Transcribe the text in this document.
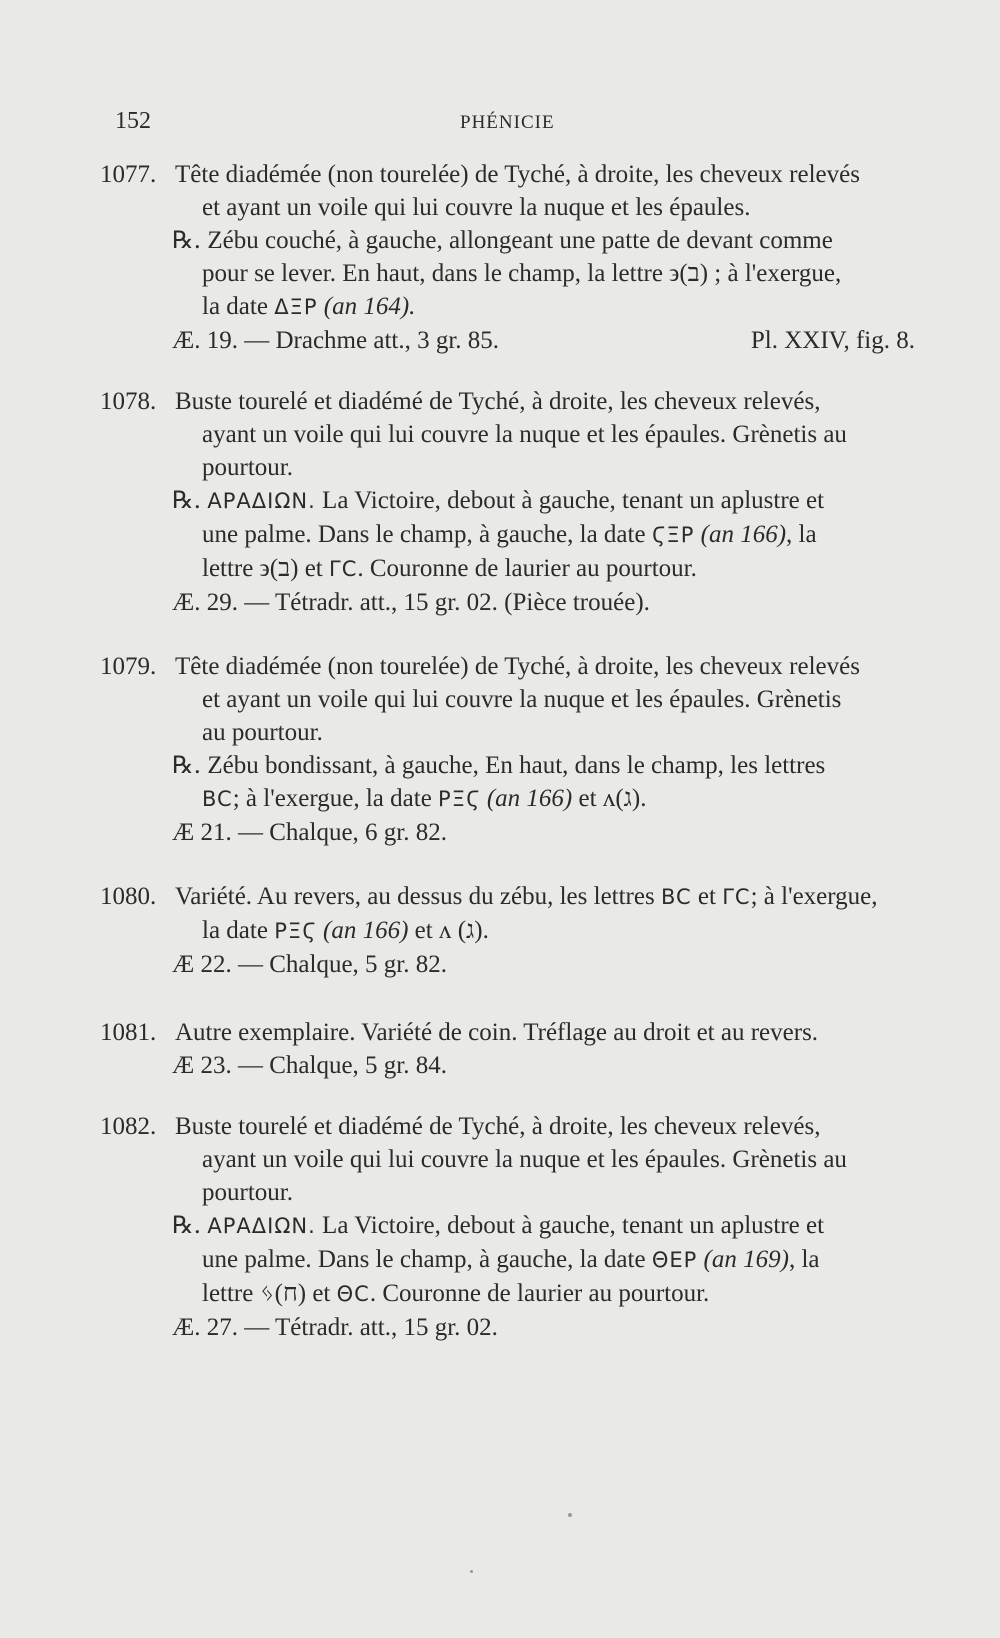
152	PHÉNICIE
1077. Tête diadémée (non tourelée) de Tyché, à droite, les cheveux relevés
et ayant un voile qui lui couvre la nuque et les épaules.
℞. Zébu couché, à gauche, allongeant une patte de devant comme
pour se lever. En haut, dans le champ, la lettre ϶(ב) ; à l'exergue,
la date ΔΞΡ (an 164).
Æ. 19. — Drachme att., 3 gr. 85.	Pl. XXIV, fig. 8.
1078. Buste tourelé et diadémé de Tyché, à droite, les cheveux relevés,
ayant un voile qui lui couvre la nuque et les épaules. Grènetis au
pourtour.
℞. ΑΡΑΔΙΩΝ. La Victoire, debout à gauche, tenant un aplustre et
une palme. Dans le champ, à gauche, la date ϚΞΡ (an 166), la
lettre ϶(ב) et ΓC. Couronne de laurier au pourtour.
Æ. 29. — Tétradr. att., 15 gr. 02. (Pièce trouée).
1079. Tête diadémée (non tourelée) de Tyché, à droite, les cheveux relevés
et ayant un voile qui lui couvre la nuque et les épaules. Grènetis
au pourtour.
℞. Zébu bondissant, à gauche, En haut, dans le champ, les lettres
BC; à l'exergue, la date ΡΞϚ (an 166) et ʌ(ג).
Æ 21. — Chalque, 6 gr. 82.
1080. Variété. Au revers, au dessus du zébu, les lettres BC et ΓC; à l'exergue,
la date ΡΞϚ (an 166) et ʌ (ג).
Æ 22. — Chalque, 5 gr. 82.
1081. Autre exemplaire. Variété de coin. Tréflage au droit et au revers.
Æ 23. — Chalque, 5 gr. 84.
1082. Buste tourelé et diadémé de Tyché, à droite, les cheveux relevés,
ayant un voile qui lui couvre la nuque et les épaules. Grènetis au
pourtour.
℞. ΑΡΑΔΙΩΝ. La Victoire, debout à gauche, tenant un aplustre et
une palme. Dans le champ, à gauche, la date ΘΕΡ (an 169), la
lettre ᛃ(ח) et ΘC. Couronne de laurier au pourtour.
Æ. 27. — Tétradr. att., 15 gr. 02.
